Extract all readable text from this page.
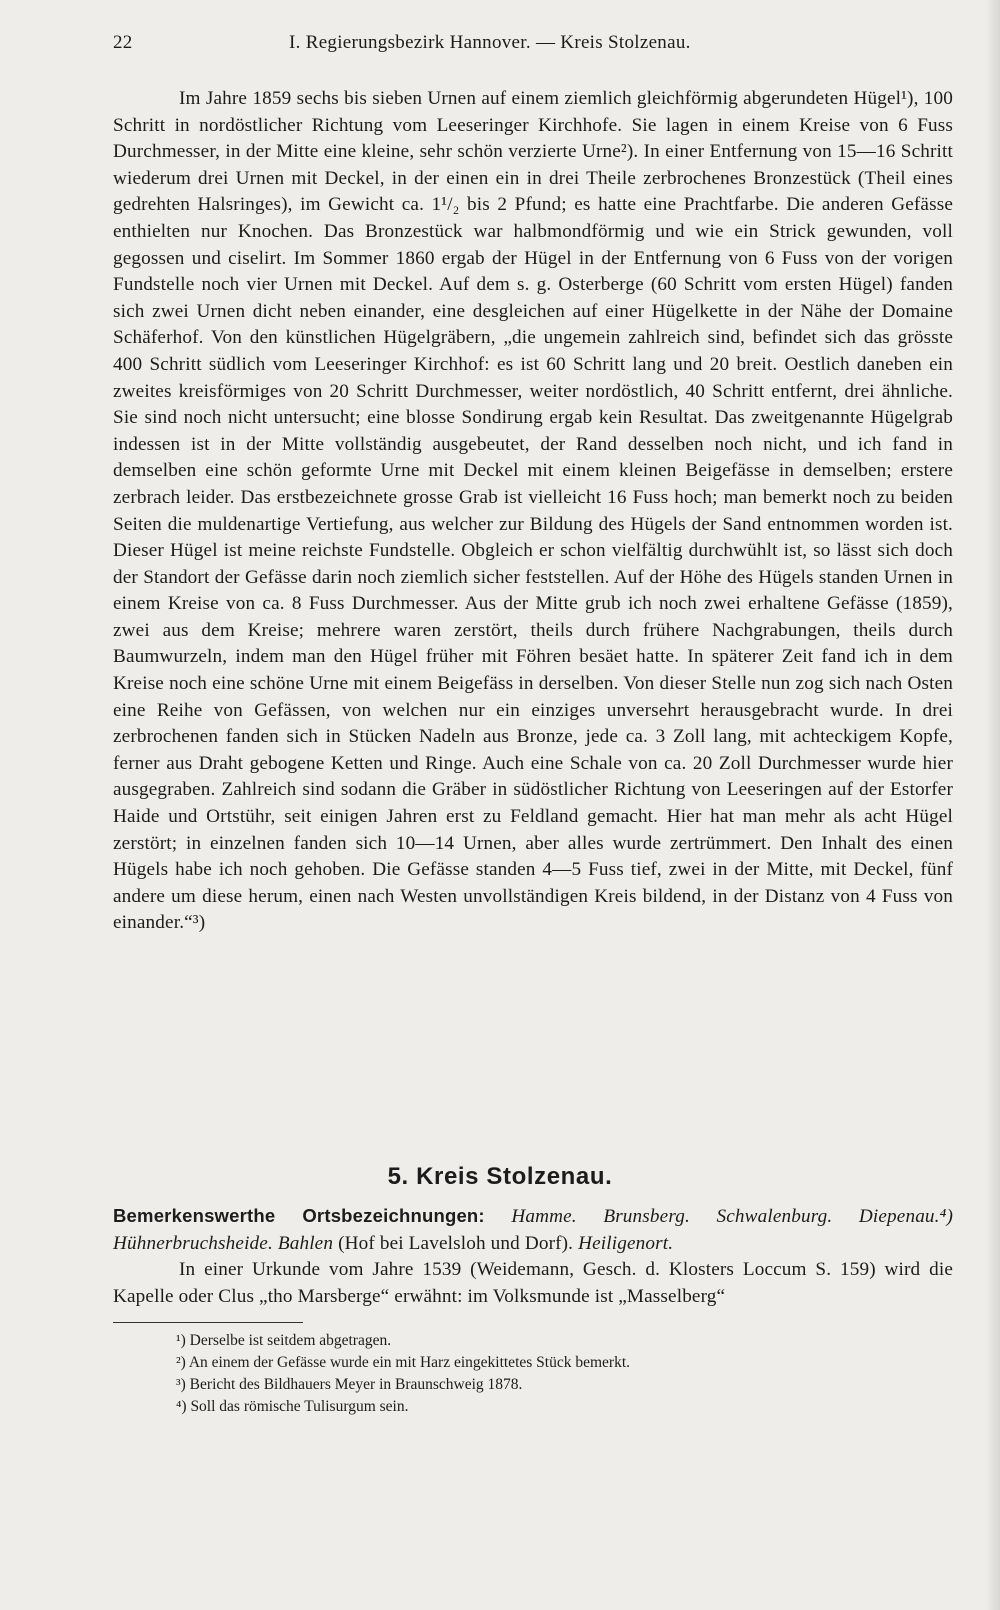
22	I. Regierungsbezirk Hannover. — Kreis Stolzenau.

Im Jahre 1859 sechs bis sieben Urnen auf einem ziemlich gleichförmig abgerundeten Hügel¹), 100 Schritt in nordöstlicher Richtung vom Leeseringer Kirchhofe. Sie lagen in einem Kreise von 6 Fuss Durchmesser, in der Mitte eine kleine, sehr schön verzierte Urne²). In einer Entfernung von 15—16 Schritt wiederum drei Urnen mit Deckel, in der einen ein in drei Theile zerbrochenes Bronzestück (Theil eines gedrehten Halsringes), im Gewicht ca. 1¹/₂ bis 2 Pfund; es hatte eine Prachtfarbe. Die anderen Gefässe enthielten nur Knochen. Das Bronzestück war halbmondförmig und wie ein Strick gewunden, voll gegossen und ciselirt. Im Sommer 1860 ergab der Hügel in der Entfernung von 6 Fuss von der vorigen Fundstelle noch vier Urnen mit Deckel. Auf dem s. g. Osterberge (60 Schritt vom ersten Hügel) fanden sich zwei Urnen dicht neben einander, eine desgleichen auf einer Hügelkette in der Nähe der Domaine Schäferhof. Von den künstlichen Hügelgräbern, „die ungemein zahlreich sind, befindet sich das grösste 400 Schritt südlich vom Leeseringer Kirchhof: es ist 60 Schritt lang und 20 breit. Oestlich daneben ein zweites kreisförmiges von 20 Schritt Durchmesser, weiter nordöstlich, 40 Schritt entfernt, drei ähnliche. Sie sind noch nicht untersucht; eine blosse Sondirung ergab kein Resultat. Das zweitgenannte Hügelgrab indessen ist in der Mitte vollständig ausgebeutet, der Rand desselben noch nicht, und ich fand in demselben eine schön geformte Urne mit Deckel mit einem kleinen Beigefässe in demselben; erstere zerbrach leider. Das erstbezeichnete grosse Grab ist vielleicht 16 Fuss hoch; man bemerkt noch zu beiden Seiten die muldenartige Vertiefung, aus welcher zur Bildung des Hügels der Sand entnommen worden ist. Dieser Hügel ist meine reichste Fundstelle. Obgleich er schon vielfältig durchwühlt ist, so lässt sich doch der Standort der Gefässe darin noch ziemlich sicher feststellen. Auf der Höhe des Hügels standen Urnen in einem Kreise von ca. 8 Fuss Durchmesser. Aus der Mitte grub ich noch zwei erhaltene Gefässe (1859), zwei aus dem Kreise; mehrere waren zerstört, theils durch frühere Nachgrabungen, theils durch Baumwurzeln, indem man den Hügel früher mit Föhren besäet hatte. In späterer Zeit fand ich in dem Kreise noch eine schöne Urne mit einem Beigefäss in derselben. Von dieser Stelle nun zog sich nach Osten eine Reihe von Gefässen, von welchen nur ein einziges unversehrt herausgebracht wurde. In drei zerbrochenen fanden sich in Stücken Nadeln aus Bronze, jede ca. 3 Zoll lang, mit achteckigem Kopfe, ferner aus Draht gebogene Ketten und Ringe. Auch eine Schale von ca. 20 Zoll Durchmesser wurde hier ausgegraben. Zahlreich sind sodann die Gräber in südöstlicher Richtung von Leeseringen auf der Estorfer Haide und Ortstühr, seit einigen Jahren erst zu Feldland gemacht. Hier hat man mehr als acht Hügel zerstört; in einzelnen fanden sich 10—14 Urnen, aber alles wurde zertrümmert. Den Inhalt des einen Hügels habe ich noch gehoben. Die Gefässe standen 4—5 Fuss tief, zwei in der Mitte, mit Deckel, fünf andere um diese herum, einen nach Westen unvollständigen Kreis bildend, in der Distanz von 4 Fuss von einander.“³)

5. Kreis Stolzenau.

Bemerkenswerthe Ortsbezeichnungen: Hamme. Brunsberg. Schwalenburg. Diepenau.⁴) Hühnerbruchsheide. Bahlen (Hof bei Lavelsloh und Dorf). Heiligenort.

In einer Urkunde vom Jahre 1539 (Weidemann, Gesch. d. Klosters Loccum S. 159) wird die Kapelle oder Clus „tho Marsberge“ erwähnt: im Volksmunde ist „Masselberg“

¹) Derselbe ist seitdem abgetragen.
²) An einem der Gefässe wurde ein mit Harz eingekittetes Stück bemerkt.
³) Bericht des Bildhauers Meyer in Braunschweig 1878.
⁴) Soll das römische Tulisurgum sein.
